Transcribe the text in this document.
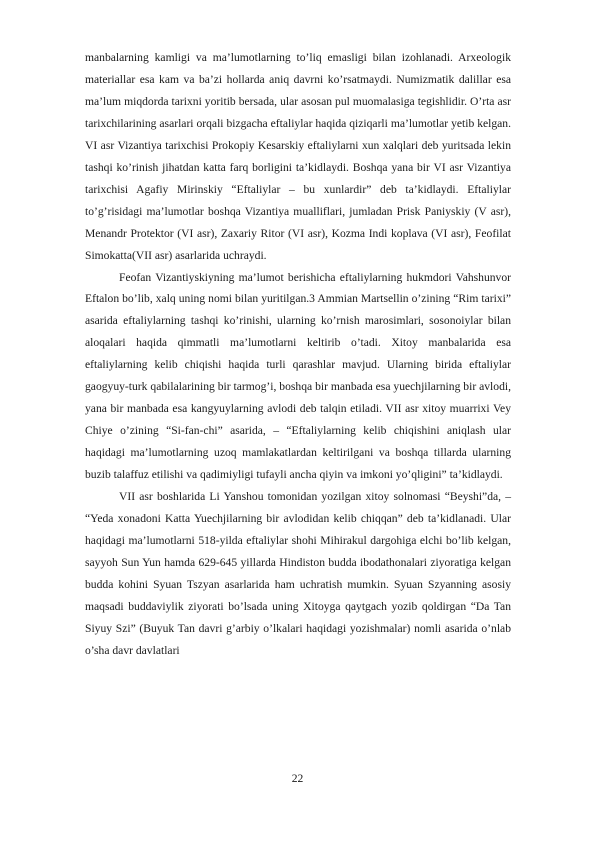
manbalarning kamligi va ma’lumotlarning to’liq emasligi bilan izohlanadi. Arxeologik materiallar esa kam va ba’zi hollarda aniq davrni ko’rsatmaydi. Numizmatik dalillar esa ma’lum miqdorda tarixni yoritib bersada, ular asosan pul muomalasiga tegishlidir. O’rta asr tarixchilarining asarlari orqali bizgacha eftaliylar haqida qiziqarli ma’lumotlar yetib kelgan. VI asr Vizantiya tarixchisi Prokopiy Kesarskiy eftaliylarni xun xalqlari deb yuritsada lekin tashqi ko’rinish jihatdan katta farq borligini ta’kidlaydi. Boshqa yana bir VI asr Vizantiya tarixchisi Agafiy Mirinskiy “Eftaliylar – bu xunlardir” deb ta’kidlaydi. Eftaliylar to’g’risidagi ma’lumotlar boshqa Vizantiya mualliflari, jumladan Prisk Paniyskiy (V asr), Menandr Protektor (VI asr), Zaxariy Ritor (VI asr), Kozma Indi koplava (VI asr), Feofilat Simokatta(VII asr) asarlarida uchraydi.

Feofan Vizantiyskiyning ma’lumot berishicha eftaliylarning hukmdori Vahshunvor Eftalon bo’lib, xalq uning nomi bilan yuritilgan.3 Ammian Martsellin o’zining “Rim tarixi” asarida eftaliylarning tashqi ko’rinishi, ularning ko’rnish marosimlari, sosonoiylar bilan aloqalari haqida qimmatli ma’lumotlarni keltirib o’tadi. Xitoy manbalarida esa eftaliylarning kelib chiqishi haqida turli qarashlar mavjud. Ularning birida eftaliylar gaogyuy-turk qabilalarining bir tarmog’i, boshqa bir manbada esa yuechjilarning bir avlodi, yana bir manbada esa kangyuylarning avlodi deb talqin etiladi. VII asr xitoy muarrixi Vey Chiye o’zining “Si-fan-chi” asarida, – “Eftaliylarning kelib chiqishini aniqlash ular haqidagi ma’lumotlarning uzoq mamlakatlardan keltirilgani va boshqa tillarda ularning buzib talaffuz etilishi va qadimiyligi tufayli ancha qiyin va imkoni yo’qligini” ta’kidlaydi.

VII asr boshlarida Li Yanshou tomonidan yozilgan xitoy solnomasi “Beyshi”da, – “Yeda xonadoni Katta Yuechjilarning bir avlodidan kelib chiqqan” deb ta’kidlanadi. Ular haqidagi ma’lumotlarni 518-yilda eftaliylar shohi Mihirakul dargohiga elchi bo’lib kelgan, sayyoh Sun Yun hamda 629-645 yillarda Hindiston budda ibodathonalari ziyoratiga kelgan budda kohini Syuan Tszyan asarlarida ham uchratish mumkin. Syuan Szyanning asosiy maqsadi buddaviylik ziyorati bo’lsada uning Xitoyga qaytgach yozib qoldirgan “Da Tan Siyuy Szi” (Buyuk Tan davri g’arbiy o’lkalari haqidagi yozishmalar) nomli asarida o’nlab o’sha davr davlatlari

22
